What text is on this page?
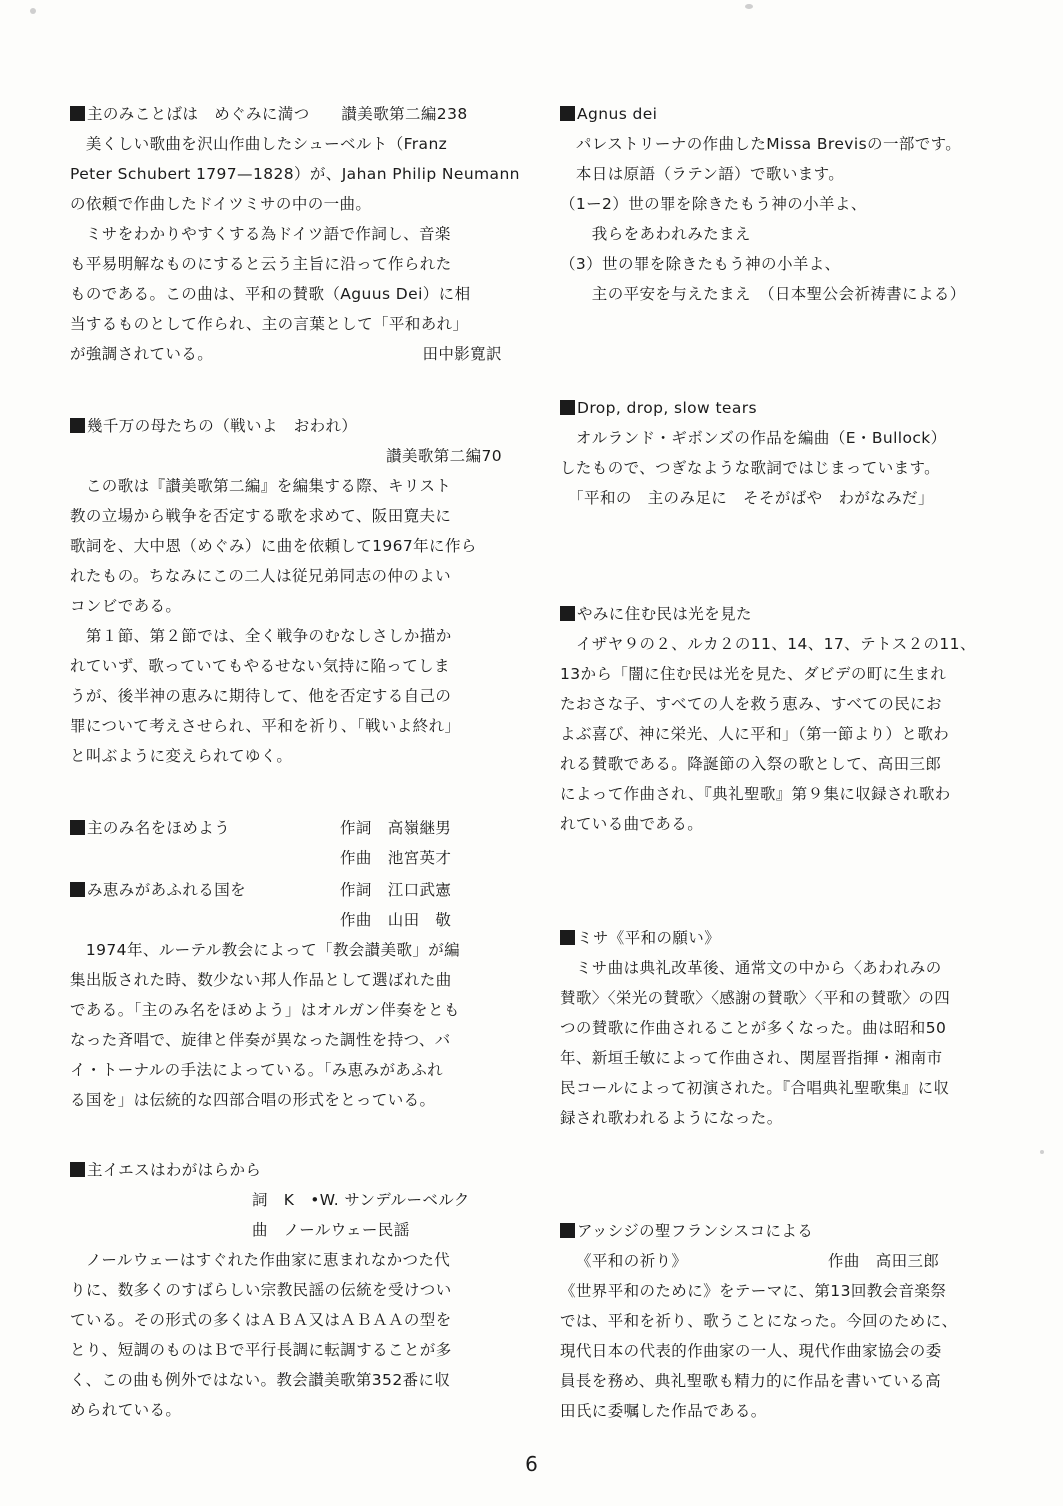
主のみことばは　めぐみに満つ　　讃美歌第二編238
　美くしい歌曲を沢山作曲したシューベルト（Franz
Peter Schubert 1797—1828）が、Jahan Philip Neumann
の依頼で作曲したドイツミサの中の一曲。
　ミサをわかりやすくする為ドイツ語で作詞し、音楽
も平易明解なものにすると云う主旨に沿って作られた
ものである。この曲は、平和の賛歌（Aguus Dei）に相
当するものとして作られ、主の言葉として「平和あれ」
が強調されている。	田中影寛訳
幾千万の母たちの（戦いよ　おわれ）
讃美歌第二編70
　この歌は『讃美歌第二編』を編集する際、キリスト
教の立場から戦争を否定する歌を求めて、阪田寛夫に
歌詞を、大中恩（めぐみ）に曲を依頼して1967年に作ら
れたもの。ちなみにこの二人は従兄弟同志の仲のよい
コンビである。
　第１節、第２節では、全く戦争のむなしさしか描か
れていず、歌っていてもやるせない気持に陥ってしま
うが、後半神の恵みに期待して、他を否定する自己の
罪について考えさせられ、平和を祈り、「戦いよ終れ」
と叫ぶように変えられてゆく。
主のみ名をほめよう	作詞　 高嶺継男
作曲　 池宮英才
み恵みがあふれる国を	作詞　 江口武憲
作曲　 山田　敬
　1974年、ルーテル教会によって「教会讃美歌」が編
集出版された時、数少ない邦人作品として選ばれた曲
である。「主のみ名をほめよう」はオルガン伴奏をとも
なった斉唱で、旋律と伴奏が異なった調性を持つ、バ
イ・トーナルの手法によっている。「み恵みがあふれ
る国を」は伝統的な四部合唱の形式をとっている。
主イエスはわがはらから
詞　K　•W. サンデルーベルク
曲　ノールウェー民謡
　ノールウェーはすぐれた作曲家に恵まれなかつた代
りに、数多くのすばらしい宗教民謡の伝統を受けつい
ている。その形式の多くはＡＢＡ又はＡＢＡＡの型を
とり、短調のものはＢで平行長調に転調することが多
く、この曲も例外ではない。教会讃美歌第352番に収
められている。
Agnus dei
　パレストリーナの作曲したMissa Brevisの一部です。
　本日は原語（ラテン語）で歌います。
（1ー2）世の罪を除きたもう神の小羊よ、
　　我らをあわれみたまえ
（3）世の罪を除きたもう神の小羊よ、
　　主の平安を与えたまえ　（日本聖公会祈祷書による）
Drop, drop, slow tears
　オルランド・ギボンズの作品を編曲（E・Bullock）
したもので、つぎなような歌詞ではじまっています。
　「平和の　主のみ足に　そそがばや　わがなみだ」
やみに住む民は光を見た
　イザヤ９の２、ルカ２の11、14、17、テトス２の11、
13から「闇に住む民は光を見た、ダビデの町に生まれ
たおさな子、すべての人を救う恵み、すべての民にお
よぶ喜び、神に栄光、人に平和」（第一節より）と歌わ
れる賛歌である。降誕節の入祭の歌として、高田三郎
によって作曲され、『典礼聖歌』第９集に収録され歌わ
れている曲である。
ミサ《平和の願い》
　ミサ曲は典礼改革後、通常文の中から〈あわれみの
賛歌〉〈栄光の賛歌〉〈感謝の賛歌〉〈平和の賛歌〉の四
つの賛歌に作曲されることが多くなった。曲は昭和50
年、新垣壬敏によって作曲され、関屋晋指揮・湘南市
民コールによって初演された。『合唱典礼聖歌集』に収
録され歌われるようになった。
アッシジの聖フランシスコによる
《平和の祈り》	作曲　高田三郎
《世界平和のために》をテーマに、第13回教会音楽祭
では、平和を祈り、歌うことになった。今回のために、
現代日本の代表的作曲家の一人、現代作曲家協会の委
員長を務め、典礼聖歌も精力的に作品を書いている高
田氏に委嘱した作品である。
6
